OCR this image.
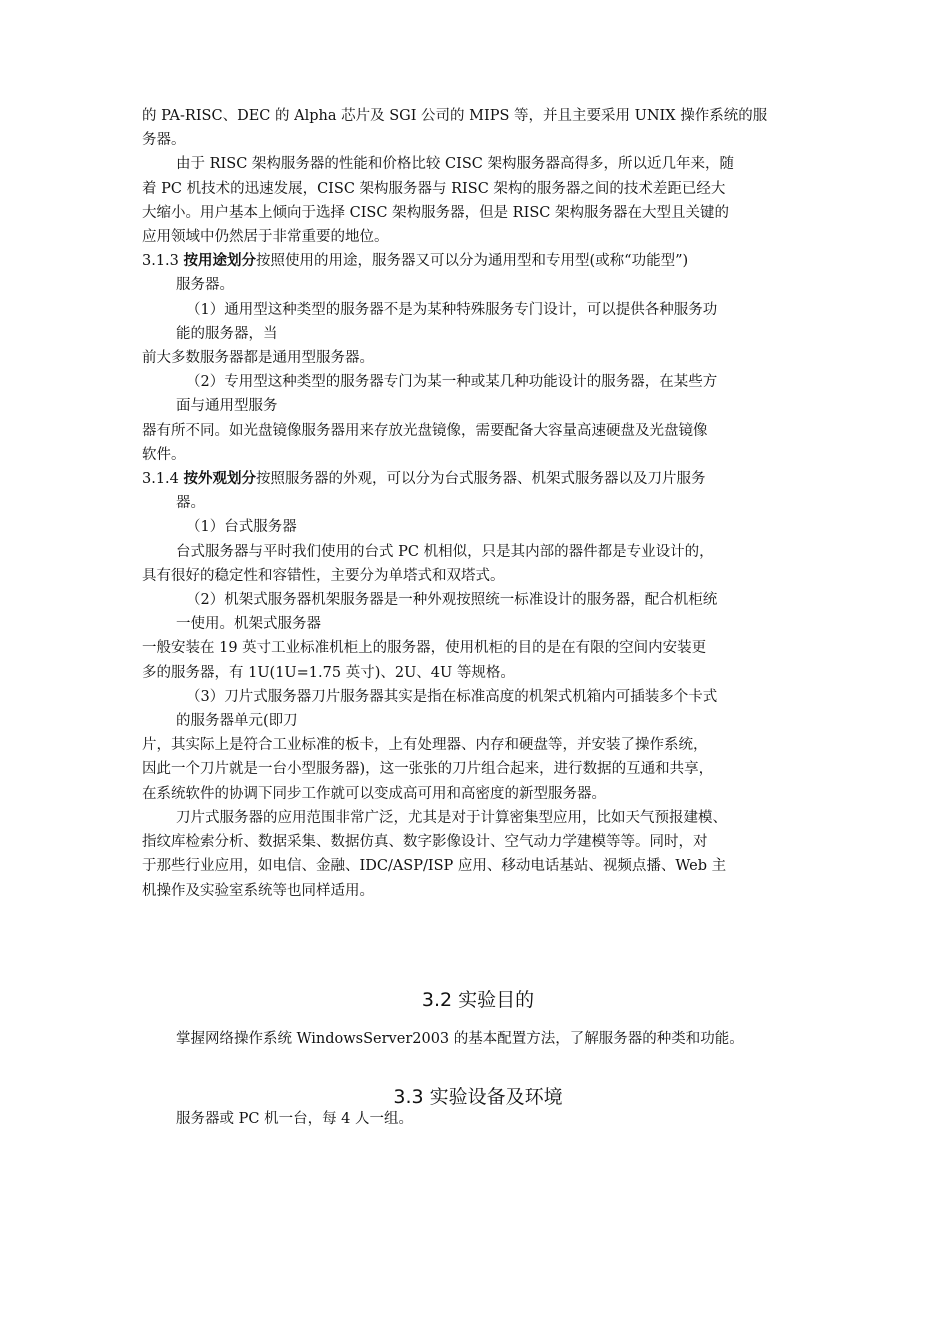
的 PA-RISC、DEC 的 Alpha 芯片及 SGI 公司的 MIPS 等，并且主要采用 UNIX 操作系统的服
务器。
由于 RISC 架构服务器的性能和价格比较 CISC 架构服务器高得多，所以近几年来，随
着 PC 机技术的迅速发展，CISC 架构服务器与 RISC 架构的服务器之间的技术差距已经大
大缩小。用户基本上倾向于选择 CISC 架构服务器，但是 RISC 架构服务器在大型且关键的
应用领域中仍然居于非常重要的地位。
3.1.3 按用途划分按照使用的用途，服务器又可以分为通用型和专用型(或称“功能型”)
服务器。
（1）通用型这种类型的服务器不是为某种特殊服务专门设计，可以提供各种服务功
能的服务器，当
前大多数服务器都是通用型服务器。
（2）专用型这种类型的服务器专门为某一种或某几种功能设计的服务器，在某些方
面与通用型服务
器有所不同。如光盘镜像服务器用来存放光盘镜像，需要配备大容量高速硬盘及光盘镜像
软件。
3.1.4 按外观划分按照服务器的外观，可以分为台式服务器、机架式服务器以及刀片服务
器。
（1）台式服务器
台式服务器与平时我们使用的台式 PC 机相似，只是其内部的器件都是专业设计的，
具有很好的稳定性和容错性，主要分为单塔式和双塔式。
（2）机架式服务器机架服务器是一种外观按照统一标准设计的服务器，配合机柜统
一使用。机架式服务器
一般安装在 19 英寸工业标准机柜上的服务器，使用机柜的目的是在有限的空间内安装更
多的服务器，有 1U(1U=1.75 英寸)、2U、4U 等规格。
（3）刀片式服务器刀片服务器其实是指在标准高度的机架式机箱内可插装多个卡式
的服务器单元(即刀
片，其实际上是符合工业标准的板卡，上有处理器、内存和硬盘等，并安装了操作系统，
因此一个刀片就是一台小型服务器)，这一张张的刀片组合起来，进行数据的互通和共享，
在系统软件的协调下同步工作就可以变成高可用和高密度的新型服务器。
刀片式服务器的应用范围非常广泛，尤其是对于计算密集型应用，比如天气预报建模、
指纹库检索分析、数据采集、数据仿真、数字影像设计、空气动力学建模等等。同时，对
于那些行业应用，如电信、金融、IDC/ASP/ISP 应用、移动电话基站、视频点播、Web 主
机操作及实验室系统等也同样适用。
3.2 实验目的
掌握网络操作系统 WindowsServer2003 的基本配置方法，了解服务器的种类和功能。
3.3 实验设备及环境
服务器或 PC 机一台，每 4 人一组。
